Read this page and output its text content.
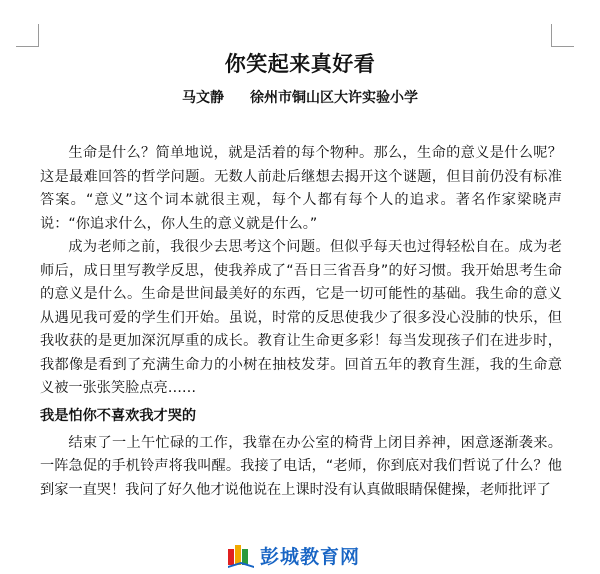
你笑起来真好看
马文静 徐州市铜山区大许实验小学

生命是什么？简单地说，就是活着的每个物种。那么，生命的意义是什么呢？这是最难回答的哲学问题。无数人前赴后继想去揭开这个谜题，但目前仍没有标准答案。“意义”这个词本就很主观，每个人都有每个人的追求。著名作家梁晓声说：“你追求什么，你人生的意义就是什么。”

成为老师之前，我很少去思考这个问题。但似乎每天也过得轻松自在。成为老师后，成日里写教学反思，使我养成了“吾日三省吾身”的好习惯。我开始思考生命的意义是什么。生命是世间最美好的东西，它是一切可能性的基础。我生命的意义从遇见我可爱的学生们开始。虽说，时常的反思使我少了很多没心没肺的快乐，但我收获的是更加深沉厚重的成长。教育让生命更多彩！每当发现孩子们在进步时，我都像是看到了充满生命力的小树在抽枝发芽。回首五年的教育生涯，我的生命意义被一张张笑脸点亮……

我是怕你不喜欢我才哭的

结束了一上午忙碌的工作，我靠在办公室的椅背上闭目养神，困意逐渐袭来。一阵急促的手机铃声将我叫醒。我接了电话，“老师，你到底对我们哲说了什么？他到家一直哭！我问了好久他才说他说在上课时没有认真做眼睛保健操，老师批评了

彭城教育网
